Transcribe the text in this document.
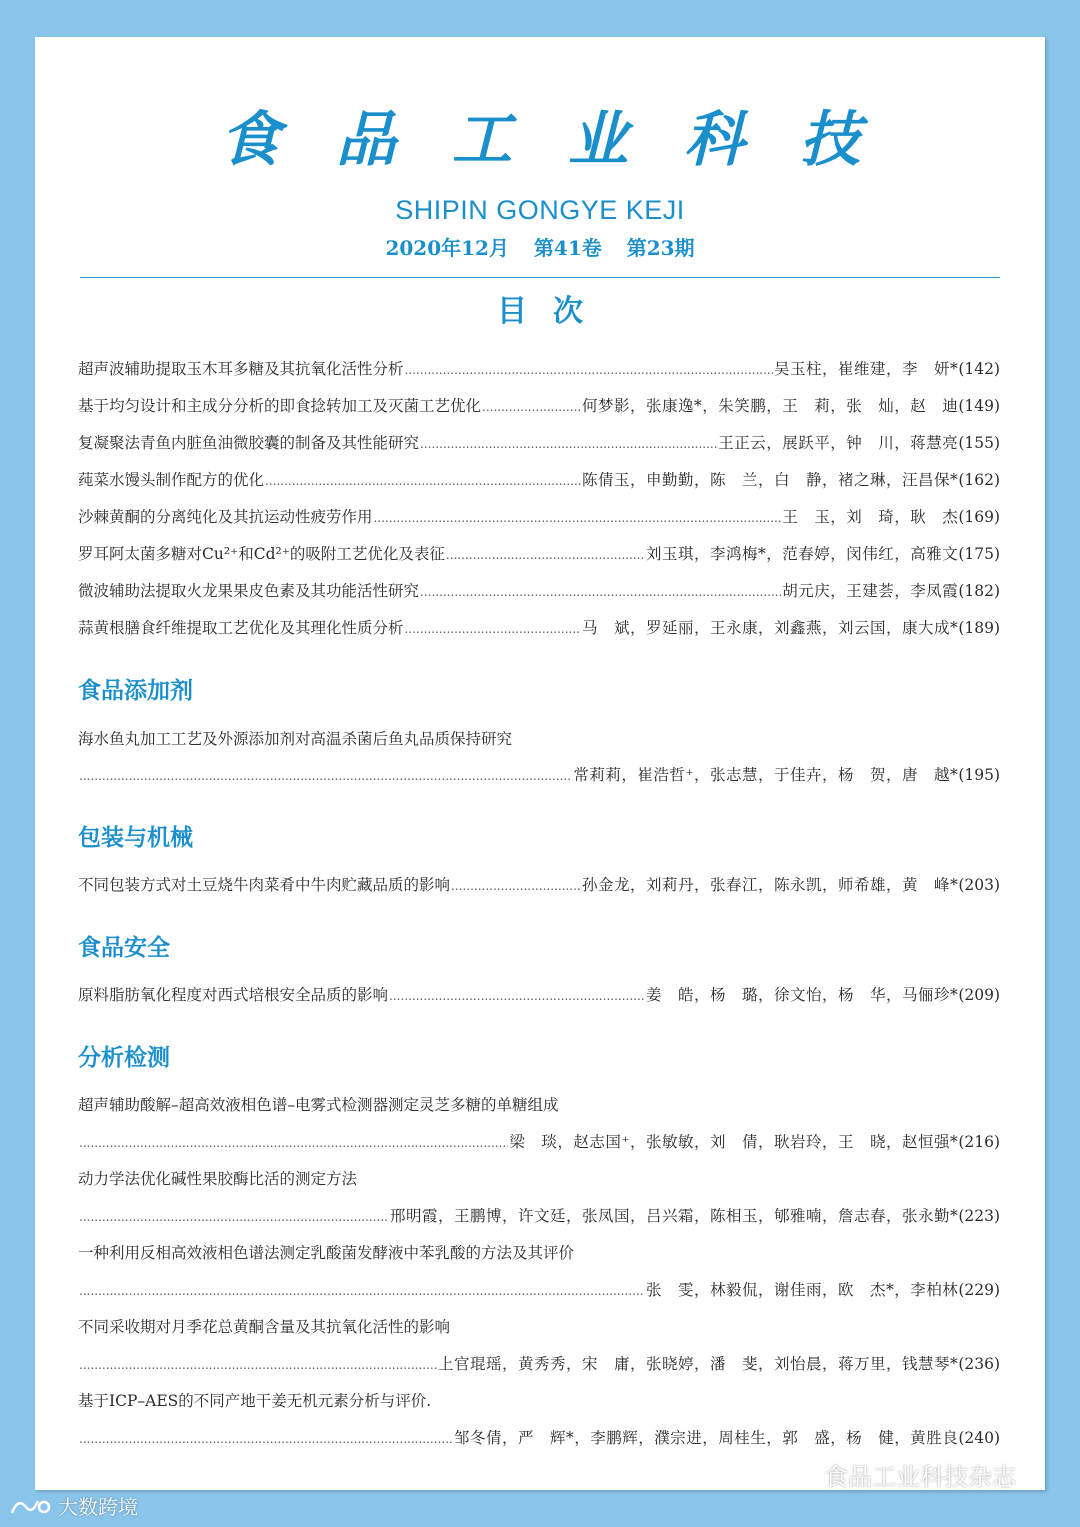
食品工业科技
SHIPIN GONGYE KEJI
2020年12月 第41卷 第23期
目次
超声波辅助提取玉木耳多糖及其抗氧化活性分析 .....	吴玉柱，崔维建，李　妍* (142)
基于均匀设计和主成分分析的即食捻转加工及灭菌工艺优化 .....	何梦影，张康逸*，朱笑鹏，王　莉，张　灿，赵　迪 (149)
复凝聚法青鱼内脏鱼油微胶囊的制备及其性能研究 .....	王正云，展跃平，钟　川，蒋慧亮 (155)
莼菜水馒头制作配方的优化 .....	陈倩玉，申勤勤，陈　兰，白　静，褚之琳，汪昌保* (162)
沙棘黄酮的分离纯化及其抗运动性疲劳作用 .....	王　玉，刘　琦，耿　杰 (169)
罗耳阿太菌多糖对Cu²⁺和Cd²⁺的吸附工艺优化及表征 .....	刘玉琪，李鸿梅*，范春婷，闵伟红，高雅文 (175)
微波辅助法提取火龙果果皮色素及其功能活性研究 .....	胡元庆，王建荟，李凤霞 (182)
蒜黄根膳食纤维提取工艺优化及其理化性质分析 .....	马　斌，罗延丽，王永康，刘鑫燕，刘云国，康大成* (189)
食品添加剂
海水鱼丸加工工艺及外源添加剂对高温杀菌后鱼丸品质保持研究
.....
常莉莉，崔浩哲⁺，张志慧，于佳卉，杨　贺，唐　越* (195)
包装与机械
不同包装方式对土豆烧牛肉菜肴中牛肉贮藏品质的影响 .....	孙金龙，刘莉丹，张春江，陈永凯，师希雄，黄　峰* (203)
食品安全
原料脂肪氧化程度对西式培根安全品质的影响 .....	姜　皓，杨　璐，徐文怡，杨　华，马俪珍* (209)
分析检测
超声辅助酸解–超高效液相色谱–电雾式检测器测定灵芝多糖的单糖组成
.....
梁　琰，赵志国⁺，张敏敏，刘　倩，耿岩玲，王　晓，赵恒强* (216)
动力学法优化碱性果胶酶比活的测定方法
.....
邢明霞，王鹏博，许文廷，张凤国，吕兴霜，陈相玉，郇雅喃，詹志春，张永勤* (223)
一种利用反相高效液相色谱法测定乳酸菌发酵液中苯乳酸的方法及其评价
.....
张　雯，林毅侃，谢佳雨，欧　杰*，李柏林 (229)
不同采收期对月季花总黄酮含量及其抗氧化活性的影响
.....
上官琨瑶，黄秀秀，宋　庸，张晓婷，潘　斐，刘怡晨，蒋万里，钱慧琴* (236)
基于ICP–AES的不同产地干姜无机元素分析与评价.
.....
邹冬倩，严　辉*，李鹏辉，濮宗进，周桂生，郭　盛，杨　健，黄胜良 (240)
食品工业科技杂志
大数跨境
